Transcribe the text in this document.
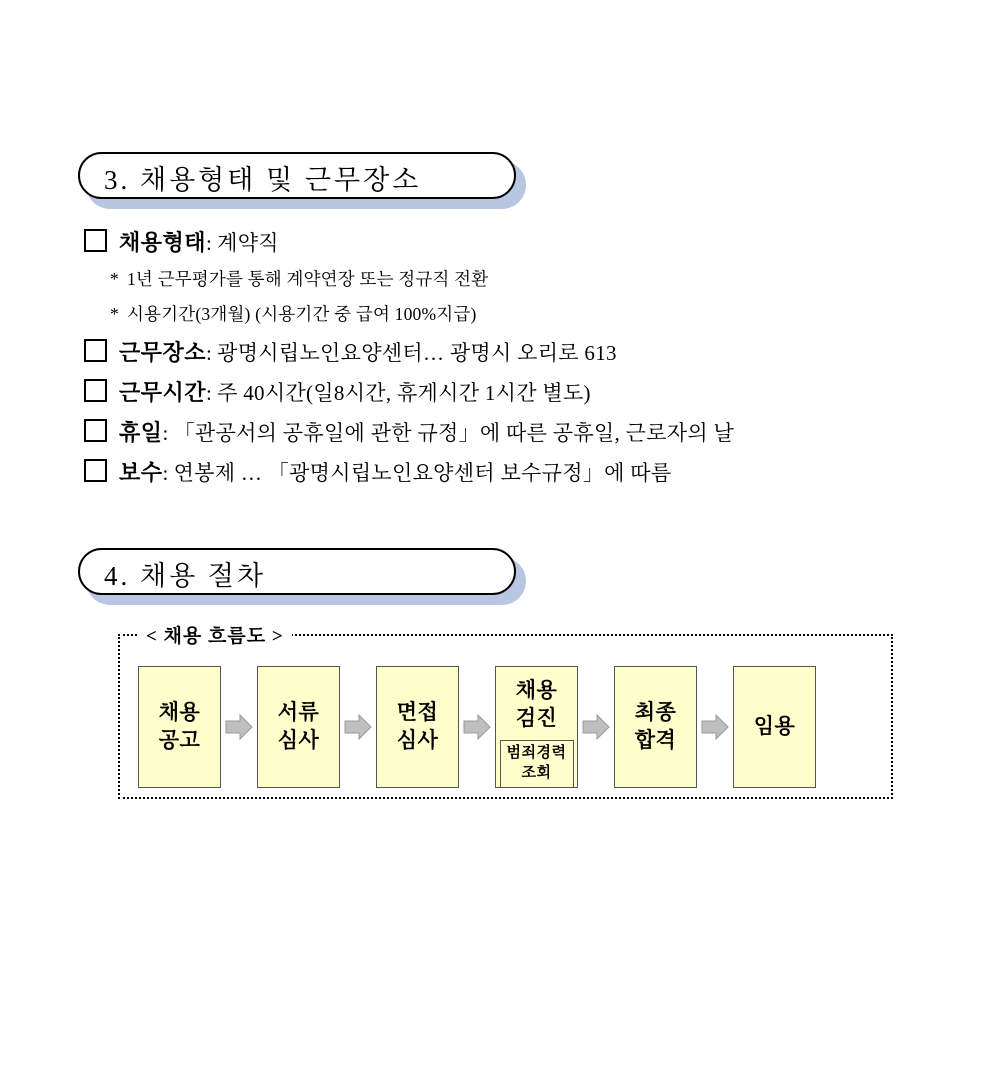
3. 채용형태 및 근무장소
채용형태 : 계약직
* 1년 근무평가를 통해 계약연장 또는 정규직 전환
* 시용기간(3개월) (시용기간 중 급여 100%지급)
근무장소 : 광명시립노인요양센터… 광명시 오리로 613
근무시간 : 주 40시간(일8시간, 휴게시간 1시간 별도)
휴일 : 「관공서의 공휴일에 관한 규정」에 따른 공휴일, 근로자의 날
보수 : 연봉제 … 「광명시립노인요양센터 보수규정」에 따름
4. 채용 절차
< 채용 흐름도 >
채용
공고
서류
심사
면접
심사
채용
검진
범죄경력
조회
최종
합격
임용
